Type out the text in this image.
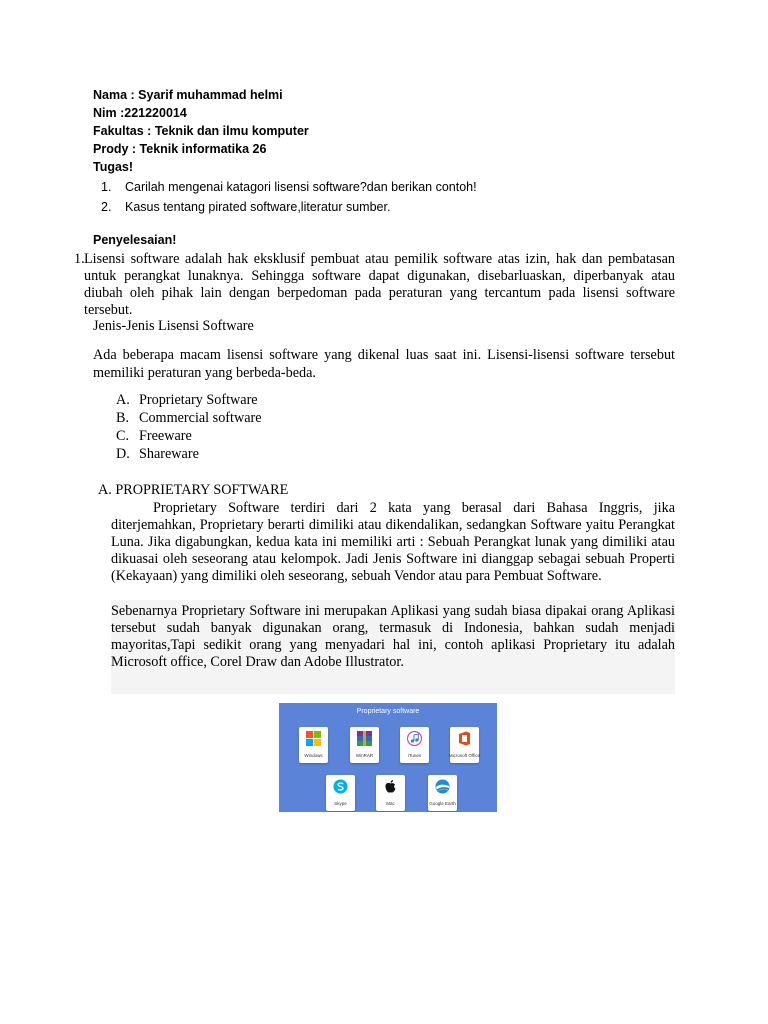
Nama : Syarif muhammad helmi
Nim :221220014
Fakultas : Teknik dan ilmu komputer
Prody : Teknik informatika 26
Tugas!
1. Carilah mengenai katagori lisensi software?dan berikan contoh!
2. Kasus tentang pirated software,literatur sumber.
Penyelesaian!
1. Lisensi software adalah hak eksklusif pembuat atau pemilik software atas izin, hak dan pembatasan untuk perangkat lunaknya. Sehingga software dapat digunakan, disebarluaskan, diperbanyak atau diubah oleh pihak lain dengan berpedoman pada peraturan yang tercantum pada lisensi software tersebut.
Jenis-Jenis Lisensi Software
Ada beberapa macam lisensi software yang dikenal luas saat ini. Lisensi-lisensi software tersebut memiliki peraturan yang berbeda-beda.
A. Proprietary Software
B. Commercial software
C. Freeware
D. Shareware
A. PROPRIETARY SOFTWARE
Proprietary Software terdiri dari 2 kata yang berasal dari Bahasa Inggris, jika diterjemahkan, Proprietary berarti dimiliki atau dikendalikan, sedangkan Software yaitu Perangkat Luna. Jika digabungkan, kedua kata ini memiliki arti : Sebuah Perangkat lunak yang dimiliki atau dikuasai oleh seseorang atau kelompok. Jadi Jenis Software ini dianggap sebagai sebuah Properti (Kekayaan) yang dimiliki oleh seseorang, sebuah Vendor atau para Pembuat Software.
Sebenarnya Proprietary Software ini merupakan Aplikasi yang sudah biasa dipakai orang Aplikasi tersebut sudah banyak digunakan orang, termasuk di Indonesia, bahkan sudah menjadi mayoritas,Tapi sedikit orang yang menyadari hal ini, contoh aplikasi Proprietary itu adalah Microsoft office, Corel Draw dan Adobe Illustrator.
Proprietary software
Windows	WinRAR	iTunes	Microsoft Office
Skype	Mac	Google Earth
